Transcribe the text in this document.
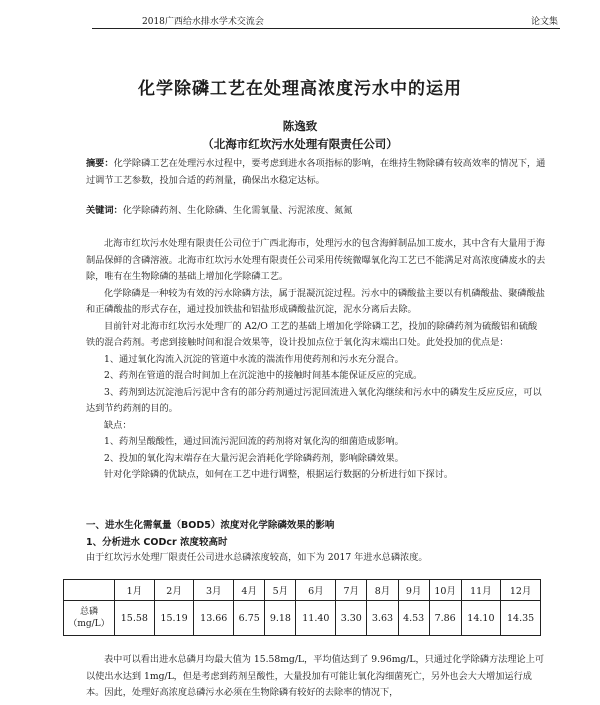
2018广西给水排水学术交流会	论文集
化学除磷工艺在处理高浓度污水中的运用
陈逸致
（北海市红坎污水处理有限责任公司）
摘要：化学除磷工艺在处理污水过程中，要考虑到进水各项指标的影响，在维持生物除磷有较高效率的情况下，通过调节工艺参数，投加合适的药剂量，确保出水稳定达标。
关键词：化学除磷药剂、生化除磷、生化需氧量、污泥浓度、氮氮

北海市红坎污水处理有限责任公司位于广西北海市，处理污水的包含海鲜制品加工废水，其中含有大量用于海制品保鲜的含磷溶液。北海市红坎污水处理有限责任公司采用传统微曝氧化沟工艺已不能满足对高浓度磷废水的去除，唯有在生物除磷的基础上增加化学除磷工艺。

化学除磷是一种较为有效的污水除磷方法，属于混凝沉淀过程。污水中的磷酸盐主要以有机磷酸盐、聚磷酸盐和正磷酸盐的形式存在，通过投加铁盐和铝盐形成磷酸盐沉淀，泥水分离后去除。

目前针对北海市红坎污水处理厂的 A2/O 工艺的基础上增加化学除磷工艺，投加的除磷药剂为硫酸铝和硫酸铁的混合药剂。考虑到接触时间和混合效果等，设计投加点位于氧化沟末端出口处。此处投加的优点是：

1、通过氧化沟流入沉淀的管道中水流的湍流作用使药剂和污水充分混合。

2、药剂在管道的混合时间加上在沉淀池中的接触时间基本能保证反应的完成。

3、药剂到达沉淀池后污泥中含有的部分药剂通过污泥回流进入氧化沟继续和污水中的磷发生反应反应，可以达到节约药剂的目的。

缺点：

1、药剂呈酸酸性，通过回流污泥回流的药剂将对氧化沟的细菌造成影响。

2、投加的氧化沟末端存在大量污泥会消耗化学除磷药剂，影响除磷效果。

针对化学除磷的优缺点，如何在工艺中进行调整，根据运行数据的分析进行如下探讨。

一、进水生化需氧量（BOD5）浓度对化学除磷效果的影响
1、分析进水 CODcr 浓度较高时
由于红坎污水处理厂限责任公司进水总磷浓度较高，如下为 2017 年进水总磷浓度。
	1月	2月	3月	4月	5月	6月	7月	8月	9月	10月	11月	12月
总磷（mg/L）	15.58	15.19	13.66	6.75	9.18	11.40	3.30	3.63	4.53	7.86	14.10	14.35

表中可以看出进水总磷月均最大值为 15.58mg/L，平均值达到了 9.96mg/L，只通过化学除磷方法理论上可以使出水达到 1mg/L，但是考虑到药剂呈酸性，大量投加有可能让氧化沟细菌死亡，另外也会大大增加运行成本。因此，处理好高浓度总磷污水必须在生物除磷有较好的去除率的情况下，
